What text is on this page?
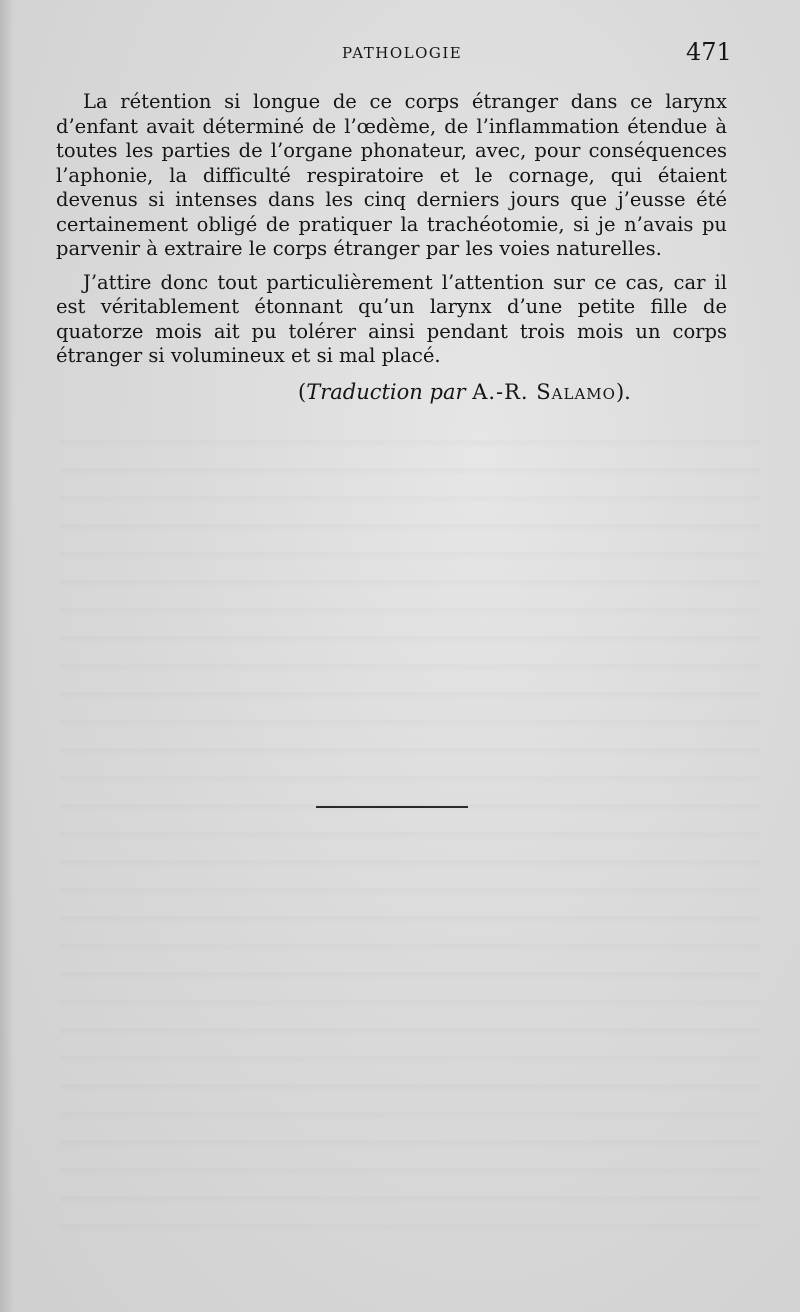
PATHOLOGIE	471

La rétention si longue de ce corps étranger dans ce larynx d’enfant avait déterminé de l’œdème, de l’inflammation étendue à toutes les parties de l’organe phonateur, avec, pour conséquences l’aphonie, la difficulté respiratoire et le cornage, qui étaient devenus si intenses dans les cinq derniers jours que j’eusse été certainement obligé de pratiquer la trachéotomie, si je n’avais pu parvenir à extraire le corps étranger par les voies naturelles.

J’attire donc tout particulièrement l’attention sur ce cas, car il est véritablement étonnant qu’un larynx d’une petite fille de quatorze mois ait pu tolérer ainsi pendant trois mois un corps étranger si volumineux et si mal placé.

(Traduction par A.-R. Salamo).
